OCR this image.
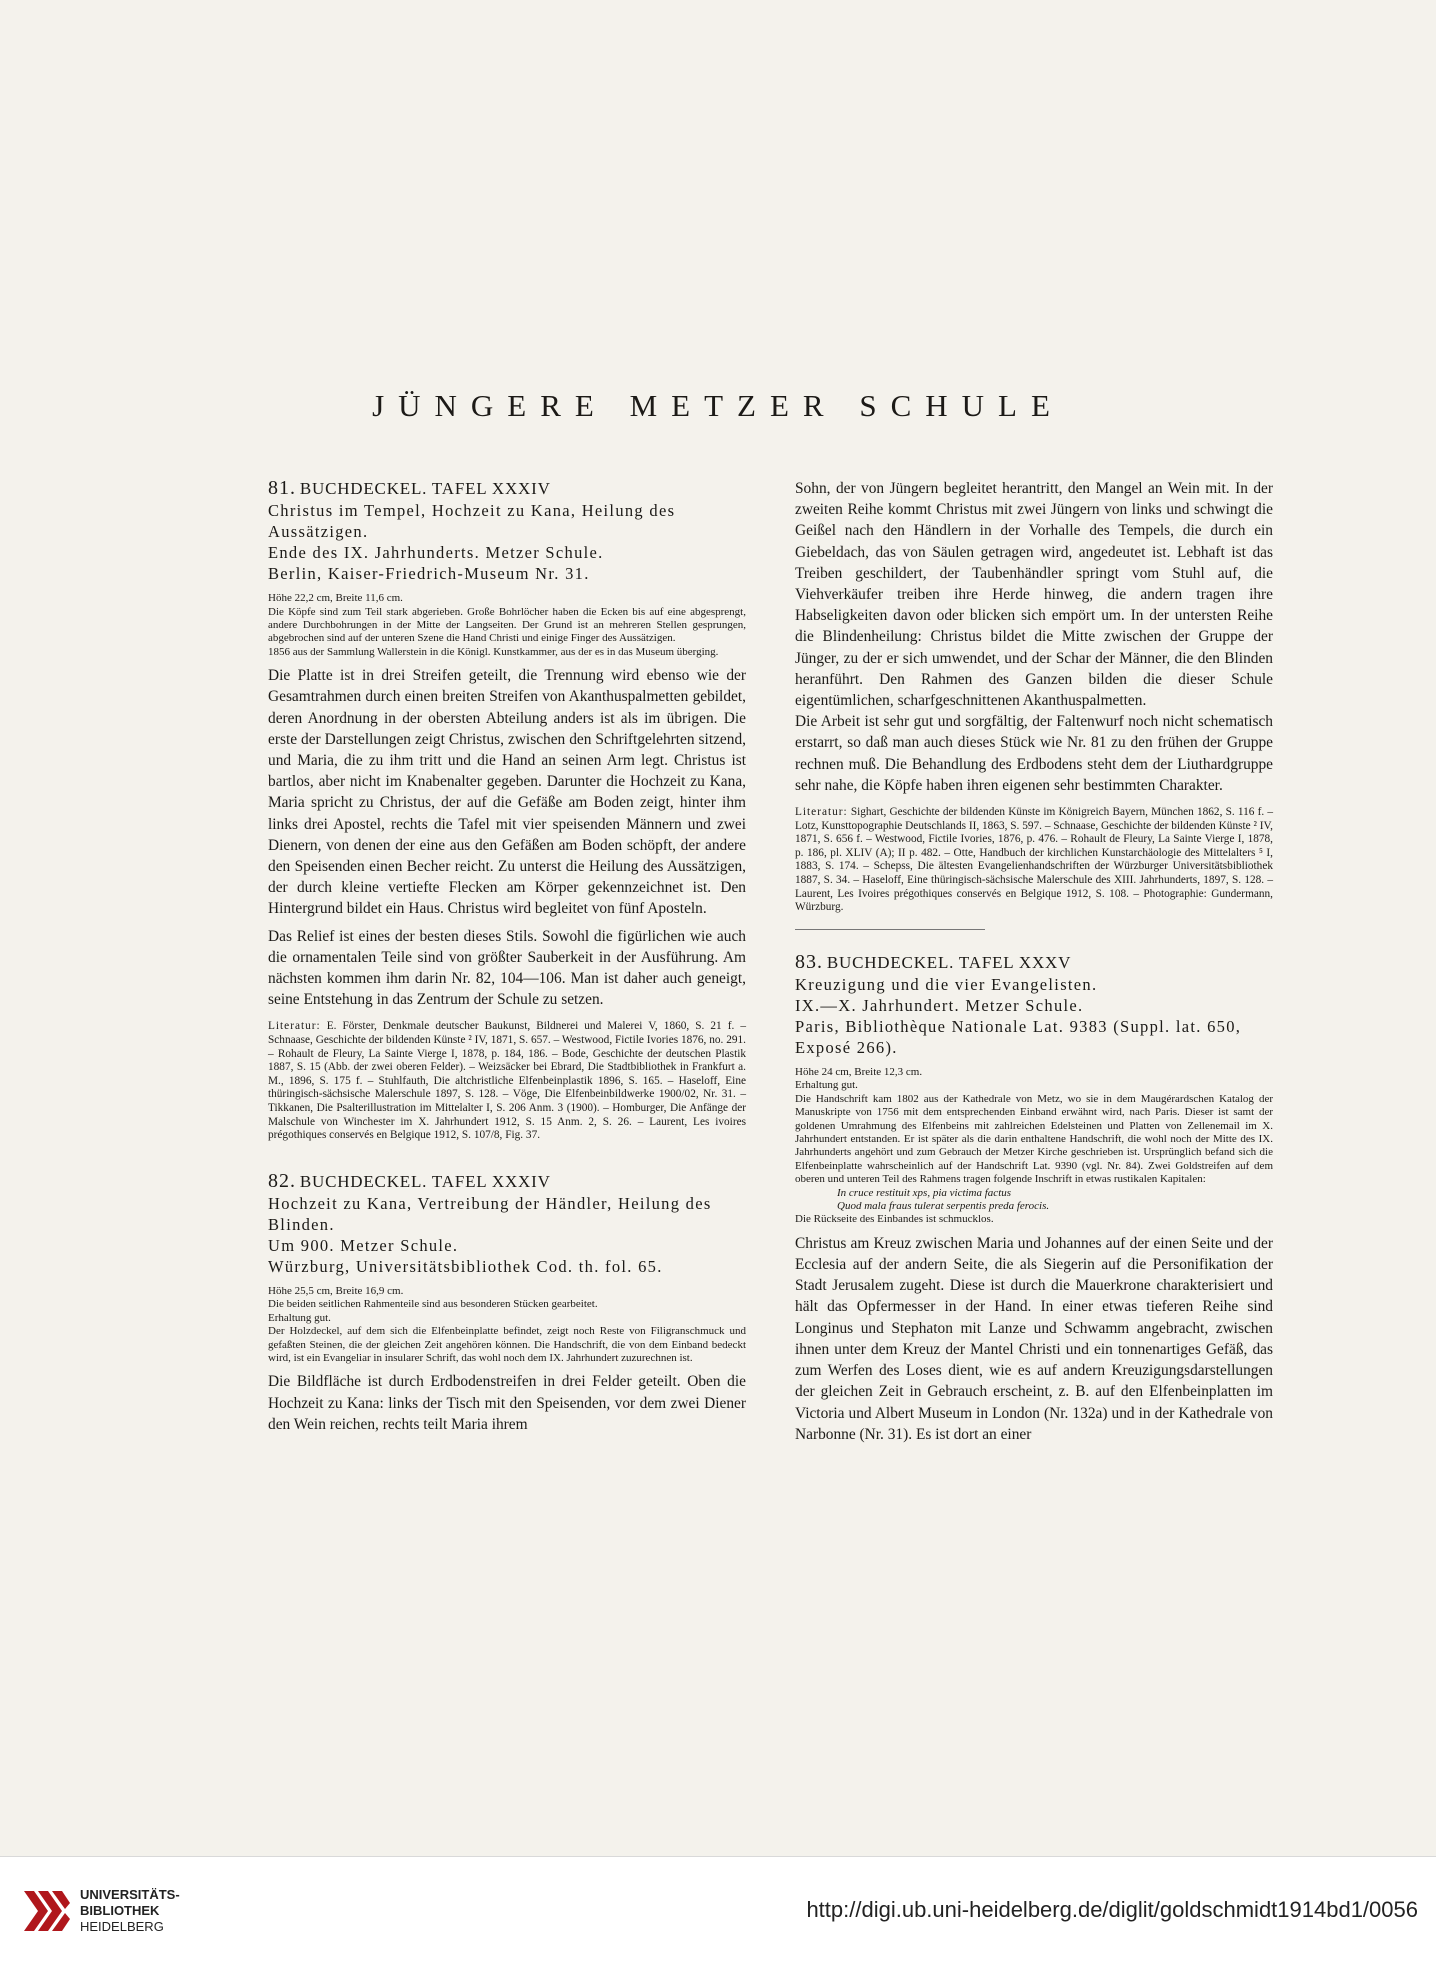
JÜNGERE METZER SCHULE

81. BUCHDECKEL. TAFEL XXXIV

Christus im Tempel, Hochzeit zu Kana, Heilung des Aussätzigen.

Ende des IX. Jahrhunderts. Metzer Schule.

Berlin, Kaiser-Friedrich-Museum Nr. 31.

Höhe 22,2 cm, Breite 11,6 cm.

Die Köpfe sind zum Teil stark abgerieben. Große Bohrlöcher haben die Ecken bis auf eine abgesprengt, andere Durchbohrungen in der Mitte der Langseiten. Der Grund ist an mehreren Stellen gesprungen, abgebrochen sind auf der unteren Szene die Hand Christi und einige Finger des Aussätzigen.

1856 aus der Sammlung Wallerstein in die Königl. Kunstkammer, aus der es in das Museum überging.

Die Platte ist in drei Streifen geteilt, die Trennung wird ebenso wie der Gesamtrahmen durch einen breiten Streifen von Akanthuspalmetten gebildet, deren Anordnung in der obersten Abteilung anders ist als im übrigen. Die erste der Darstellungen zeigt Christus, zwischen den Schriftgelehrten sitzend, und Maria, die zu ihm tritt und die Hand an seinen Arm legt. Christus ist bartlos, aber nicht im Knabenalter gegeben. Darunter die Hochzeit zu Kana, Maria spricht zu Christus, der auf die Gefäße am Boden zeigt, hinter ihm links drei Apostel, rechts die Tafel mit vier speisenden Männern und zwei Dienern, von denen der eine aus den Gefäßen am Boden schöpft, der andere den Speisenden einen Becher reicht. Zu unterst die Heilung des Aussätzigen, der durch kleine vertiefte Flecken am Körper gekennzeichnet ist. Den Hintergrund bildet ein Haus. Christus wird begleitet von fünf Aposteln.

Das Relief ist eines der besten dieses Stils. Sowohl die figürlichen wie auch die ornamentalen Teile sind von größter Sauberkeit in der Ausführung. Am nächsten kommen ihm darin Nr. 82, 104—106. Man ist daher auch geneigt, seine Entstehung in das Zentrum der Schule zu setzen.

Literatur: E. Förster, Denkmale deutscher Baukunst, Bildnerei und Malerei V, 1860, S. 21 f. – Schnaase, Geschichte der bildenden Künste ² IV, 1871, S. 657. – Westwood, Fictile Ivories 1876, no. 291. – Rohault de Fleury, La Sainte Vierge I, 1878, p. 184, 186. – Bode, Geschichte der deutschen Plastik 1887, S. 15 (Abb. der zwei oberen Felder). – Weizsäcker bei Ebrard, Die Stadtbibliothek in Frankfurt a. M., 1896, S. 175 f. – Stuhlfauth, Die altchristliche Elfenbeinplastik 1896, S. 165. – Haseloff, Eine thüringisch-sächsische Malerschule 1897, S. 128. – Vöge, Die Elfenbeinbildwerke 1900/02, Nr. 31. – Tikkanen, Die Psalterillustration im Mittelalter I, S. 206 Anm. 3 (1900). – Homburger, Die Anfänge der Malschule von Winchester im X. Jahrhundert 1912, S. 15 Anm. 2, S. 26. – Laurent, Les ivoires prégothiques conservés en Belgique 1912, S. 107/8, Fig. 37.

82. BUCHDECKEL. TAFEL XXXIV

Hochzeit zu Kana, Vertreibung der Händler, Heilung des Blinden.

Um 900. Metzer Schule.

Würzburg, Universitätsbibliothek Cod. th. fol. 65.

Höhe 25,5 cm, Breite 16,9 cm.

Die beiden seitlichen Rahmenteile sind aus besonderen Stücken gearbeitet.

Erhaltung gut.

Der Holzdeckel, auf dem sich die Elfenbeinplatte befindet, zeigt noch Reste von Filigranschmuck und gefaßten Steinen, die der gleichen Zeit angehören können. Die Handschrift, die von dem Einband bedeckt wird, ist ein Evangeliar in insularer Schrift, das wohl noch dem IX. Jahrhundert zuzurechnen ist.

Die Bildfläche ist durch Erdbodenstreifen in drei Felder geteilt. Oben die Hochzeit zu Kana: links der Tisch mit den Speisenden, vor dem zwei Diener den Wein reichen, rechts teilt Maria ihrem

Sohn, der von Jüngern begleitet herantritt, den Mangel an Wein mit. In der zweiten Reihe kommt Christus mit zwei Jüngern von links und schwingt die Geißel nach den Händlern in der Vorhalle des Tempels, die durch ein Giebeldach, das von Säulen getragen wird, angedeutet ist. Lebhaft ist das Treiben geschildert, der Taubenhändler springt vom Stuhl auf, die Viehverkäufer treiben ihre Herde hinweg, die andern tragen ihre Habseligkeiten davon oder blicken sich empört um. In der untersten Reihe die Blindenheilung: Christus bildet die Mitte zwischen der Gruppe der Jünger, zu der er sich umwendet, und der Schar der Männer, die den Blinden heranführt. Den Rahmen des Ganzen bilden die dieser Schule eigentümlichen, scharfgeschnittenen Akanthuspalmetten.

Die Arbeit ist sehr gut und sorgfältig, der Faltenwurf noch nicht schematisch erstarrt, so daß man auch dieses Stück wie Nr. 81 zu den frühen der Gruppe rechnen muß. Die Behandlung des Erdbodens steht dem der Liuthardgruppe sehr nahe, die Köpfe haben ihren eigenen sehr bestimmten Charakter.

Literatur: Sighart, Geschichte der bildenden Künste im Königreich Bayern, München 1862, S. 116 f. – Lotz, Kunsttopographie Deutschlands II, 1863, S. 597. – Schnaase, Geschichte der bildenden Künste ² IV, 1871, S. 656 f. – Westwood, Fictile Ivories, 1876, p. 476. – Rohault de Fleury, La Sainte Vierge I, 1878, p. 186, pl. XLIV (A); II p. 482. – Otte, Handbuch der kirchlichen Kunstarchäologie des Mittelalters ⁵ I, 1883, S. 174. – Schepss, Die ältesten Evangelienhandschriften der Würzburger Universitätsbibliothek 1887, S. 34. – Haseloff, Eine thüringisch-sächsische Malerschule des XIII. Jahrhunderts, 1897, S. 128. – Laurent, Les Ivoires prégothiques conservés en Belgique 1912, S. 108. – Photographie: Gundermann, Würzburg.

83. BUCHDECKEL. TAFEL XXXV

Kreuzigung und die vier Evangelisten.

IX.—X. Jahrhundert. Metzer Schule.

Paris, Bibliothèque Nationale Lat. 9383 (Suppl. lat. 650, Exposé 266).

Höhe 24 cm, Breite 12,3 cm.

Erhaltung gut.

Die Handschrift kam 1802 aus der Kathedrale von Metz, wo sie in dem Maugérardschen Katalog der Manuskripte von 1756 mit dem entsprechenden Einband erwähnt wird, nach Paris. Dieser ist samt der goldenen Umrahmung des Elfenbeins mit zahlreichen Edelsteinen und Platten von Zellenemail im X. Jahrhundert entstanden. Er ist später als die darin enthaltene Handschrift, die wohl noch der Mitte des IX. Jahrhunderts angehört und zum Gebrauch der Metzer Kirche geschrieben ist. Ursprünglich befand sich die Elfenbeinplatte wahrscheinlich auf der Handschrift Lat. 9390 (vgl. Nr. 84). Zwei Goldstreifen auf dem oberen und unteren Teil des Rahmens tragen folgende Inschrift in etwas rustikalen Kapitalen:

In cruce restituit xps, pia victima factus

Quod mala fraus tulerat serpentis preda ferocis.

Die Rückseite des Einbandes ist schmucklos.

Christus am Kreuz zwischen Maria und Johannes auf der einen Seite und der Ecclesia auf der andern Seite, die als Siegerin auf die Personifikation der Stadt Jerusalem zugeht. Diese ist durch die Mauerkrone charakterisiert und hält das Opfermesser in der Hand. In einer etwas tieferen Reihe sind Longinus und Stephaton mit Lanze und Schwamm angebracht, zwischen ihnen unter dem Kreuz der Mantel Christi und ein tonnenartiges Gefäß, das zum Werfen des Loses dient, wie es auf andern Kreuzigungsdarstellungen der gleichen Zeit in Gebrauch erscheint, z. B. auf den Elfenbeinplatten im Victoria und Albert Museum in London (Nr. 132a) und in der Kathedrale von Narbonne (Nr. 31). Es ist dort an einer

UNIVERSITÄTS-
BIBLIOTHEK
HEIDELBERG
http://digi.ub.uni-heidelberg.de/diglit/goldschmidt1914bd1/0056
